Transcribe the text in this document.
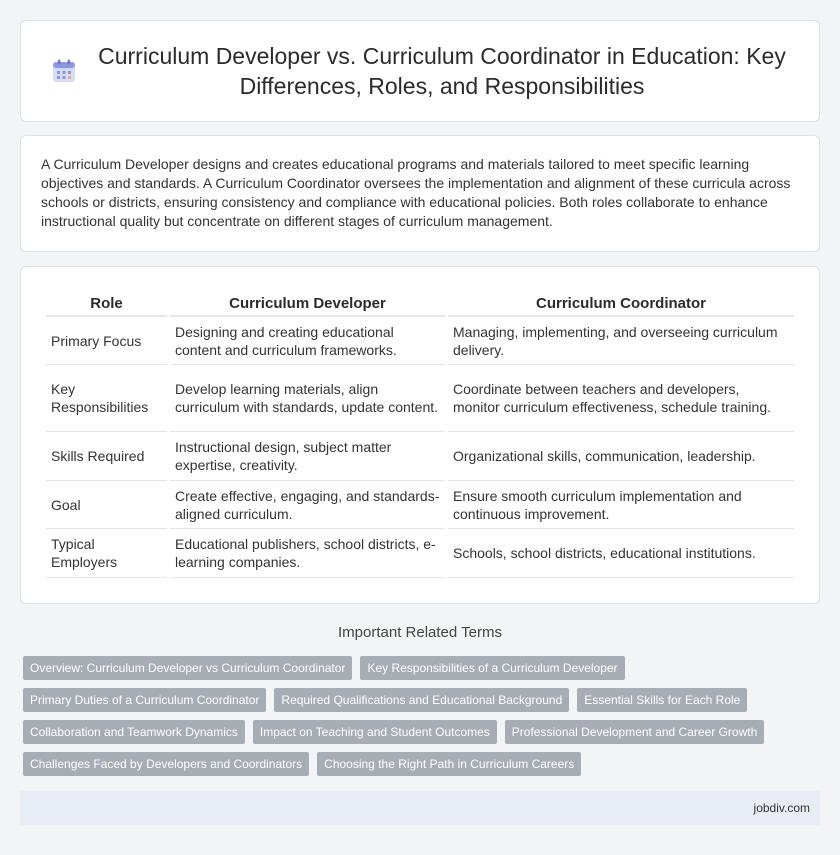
Curriculum Developer vs. Curriculum Coordinator in Education: Key Differences, Roles, and Responsibilities

A Curriculum Developer designs and creates educational programs and materials tailored to meet specific learning objectives and standards. A Curriculum Coordinator oversees the implementation and alignment of these curricula across schools or districts, ensuring consistency and compliance with educational policies. Both roles collaborate to enhance instructional quality but concentrate on different stages of curriculum management.

Role	Curriculum Developer	Curriculum Coordinator
Primary Focus	Designing and creating educational content and curriculum frameworks.	Managing, implementing, and overseeing curriculum delivery.
Key Responsibilities	Develop learning materials, align curriculum with standards, update content.	Coordinate between teachers and developers, monitor curriculum effectiveness, schedule training.
Skills Required	Instructional design, subject matter expertise, creativity.	Organizational skills, communication, leadership.
Goal	Create effective, engaging, and standards-aligned curriculum.	Ensure smooth curriculum implementation and continuous improvement.
Typical Employers	Educational publishers, school districts, e-learning companies.	Schools, school districts, educational institutions.
Important Related Terms
Overview: Curriculum Developer vs Curriculum Coordinator	Key Responsibilities of a Curriculum Developer
Primary Duties of a Curriculum Coordinator	Required Qualifications and Educational Background	Essential Skills for Each Role
Collaboration and Teamwork Dynamics	Impact on Teaching and Student Outcomes	Professional Development and Career Growth
Challenges Faced by Developers and Coordinators	Choosing the Right Path in Curriculum Careers
jobdiv.com
